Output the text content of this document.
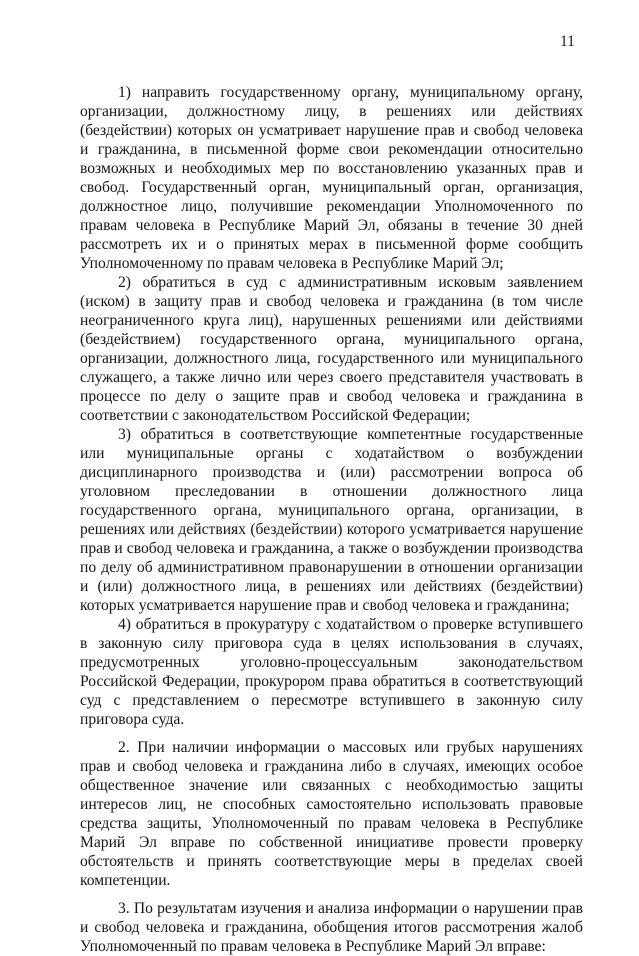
11

1) направить государственному органу, муниципальному органу, организации, должностному лицу, в решениях или действиях (бездействии) которых он усматривает нарушение прав и свобод человека и гражданина, в письменной форме свои рекомендации относительно возможных и необходимых мер по восстановлению указанных прав и свобод. Государственный орган, муниципальный орган, организация, должностное лицо, получившие рекомендации Уполномоченного по правам человека в Республике Марий Эл, обязаны в течение 30 дней рассмотреть их и о принятых мерах в письменной форме сообщить Уполномоченному по правам человека в Республике Марий Эл;

2) обратиться в суд с административным исковым заявлением (иском) в защиту прав и свобод человека и гражданина (в том числе неограниченного круга лиц), нарушенных решениями или действиями (бездействием) государственного органа, муниципального органа, организации, должностного лица, государственного или муниципального служащего, а также лично или через своего представителя участвовать в процессе по делу о защите прав и свобод человека и гражданина в соответствии с законодательством Российской Федерации;

3) обратиться в соответствующие компетентные государственные или муниципальные органы с ходатайством о возбуждении дисциплинарного производства и (или) рассмотрении вопроса об уголовном преследовании в отношении должностного лица государственного органа, муниципального органа, организации, в решениях или действиях (бездействии) которого усматривается нарушение прав и свобод человека и гражданина, а также о возбуждении производства по делу об административном правонарушении в отношении организации и (или) должностного лица, в решениях или действиях (бездействии) которых усматривается нарушение прав и свобод человека и гражданина;

4) обратиться в прокуратуру с ходатайством о проверке вступившего в законную силу приговора суда в целях использования в случаях, предусмотренных уголовно-процессуальным законодательством Российской Федерации, прокурором права обратиться в соответствующий суд с представлением о пересмотре вступившего в законную силу приговора суда.

2. При наличии информации о массовых или грубых нарушениях прав и свобод человека и гражданина либо в случаях, имеющих особое общественное значение или связанных с необходимостью защиты интересов лиц, не способных самостоятельно использовать правовые средства защиты, Уполномоченный по правам человека в Республике Марий Эл вправе по собственной инициативе провести проверку обстоятельств и принять соответствующие меры в пределах своей компетенции.

3. По результатам изучения и анализа информации о нарушении прав и свобод человека и гражданина, обобщения итогов рассмотрения жалоб Уполномоченный по правам человека в Республике Марий Эл вправе:
